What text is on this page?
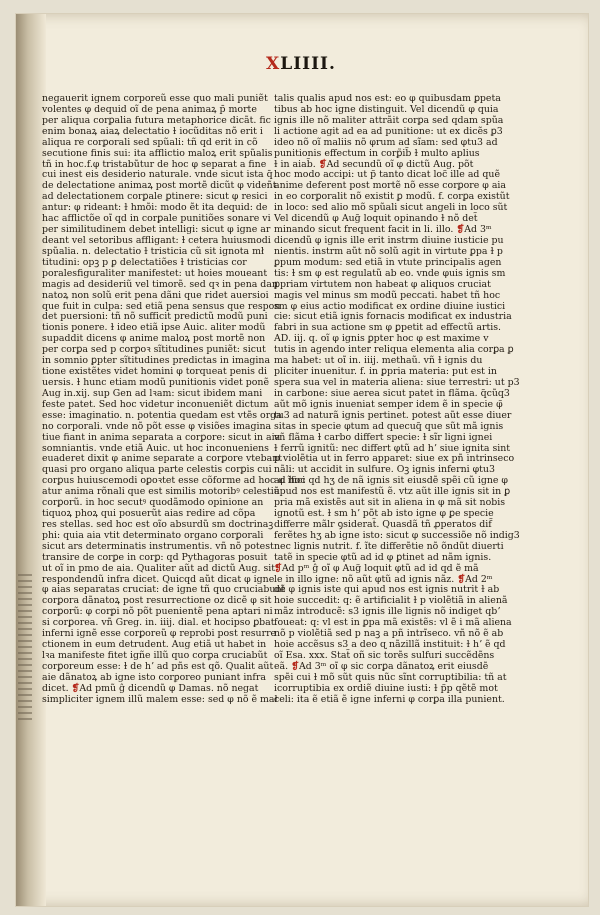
XLIIII.
negauerit ignem corporeũ esse quo mali puniẽt
volentes φ dequid oĩ de pena animaꝝ p̄ morte
per aliqua corꝑalia futura metaphorice dicãt. fic
enim bonaꝝ aiaꝝ delectatio ɫ iocũditas nõ erit i
aliqua re corꝑorali sed spũali: tñ qd erit in cõ
secutione finis sui: ita afflictio maloꝝ erit spũalis
tñ in hoc.f.φ tristabũtur de hoc φ separat a fine
cui inest eis desiderio naturale. vnde sicut ista q̄
de delectatione animaꝝ post mortẽ dicũt φ videñt
ad delectationem corꝑale ꝑtinere: sicut φ resici
antur: φ rideant: ɫ hmõi: modo ẽt ita dequid: de
hac afflictõe oĩ qd in corꝑale punitiões sonare vi
per similitudinem debet intelligi: sicut φ igne ar
deant vel setoribus affligant: ɫ cetera huiusmodi
spũalia. n. delectatio ɫ tristicia cũ sit ignota mł
titudini: opꝫ p ꝑ delectatiões ɫ tristicias cor
poralesfiguraliter manifestet: ut hoies moueant
magis ad desideriũ vel timorẽ. sed qꝛ in pena dan
natoꝝ non solũ erit pena dãni que ridet auersioi
que fuit in culpa: sed etiã pena sensus que respon
det puersioni: tñ nõ sufficit predictũ modũ puni
tionis ponere. ɫ ideo etiã ipse Auic. aliter modũ
supaddit dicens φ anime maloꝝ post mortẽ non
per corꝑa sed p corꝑoꝛ sĩtitudines puniẽt: sicut
in somnio ꝑpter sĩtitudines predictas in imagina
tione existẽtes videt homini φ torqueat penis di
uersis. ɫ hunc etiam modũ punitionis videt ponẽ
Aug in.xij. sup Gen ad lꝛam: sicut ibidem mani
feste patet. Sed hoc videtur inconueniẽt dictum
esse: imaginatio. n. potentia quedam est vtẽs orga
no corporali. vnde nõ põt esse φ visiões imagina
tiue fiant in anima separata a corꝑore: sicut in aia
somniantis. vnde etiã Auic. ut hoc inconueniens
euaderet dixit φ anime separate a corꝑore vtebant
quasi pro organo aliqua parte celestis corꝑis cui
corꝑus huiuscemodi oꝑoꝛtet esse cõforme ad hoc φ ĩfici
atur anima rõnali que est similis motoribꝰ celestiũ
corꝑorũ. in hoc secutꝰ quodãmodo opinione an
tiquoꝝ phoꝝ qui posuerũt aias redire ad cõpa
res stellas. sed hoc est oĩo absurdũ sm doctrinaꝫ
phi: quia aia vtit determinato organo corꝑorali
sicut ars determinatis instrumentis. vñ nõ potest
transire de corꝑe in corꝑ: qd Pythagoras posuit
ut oĩ in pmo de aia. Qualiter aũt ad dictũ Aug. sit
respondendũ infra dicet. Quicqd aũt dicat φ igne
φ aias separatas cruciat: de igne tñ quo cruciabunt
corꝑora dãnatoꝝ post resurrectione oz dicẽ φ sit
corꝑorũ: φ corꝑi nõ põt puenientẽ pena aptari ni
si corꝑorea. vñ Greg. in. iiij. dial. et hocipso ꝑbat
inferni ignẽ esse corꝑoreũ φ reprobi post resurre
ctionem in eum detrudent. Aug etiã ut habet in
lꝛa manifeste fitet igñe illũ quo corꝑa cruciabũt
corꝑoreum esse: ɫ de hʼ ad pñs est qõ. Qualit aũt
aie dãnatoꝝ ab igne isto corꝑoreo puniant infra
dicet. ❡Ad pmũ ĝ dicendũ φ Damas. nõ negat
simpliciter ignem illũ malem esse: sed φ nõ ẽ mał
talis qualis apud nos est: eo φ quibusdam ꝑpeta
tibus ab hoc igne distinguit. Vel dicendũ φ quia
ignis ille nõ maliter attrãit corꝑa sed qdam spũa
li actione agit ad ea ad punitione: ut ex dicẽs ꝑ3
ideo nõ oĩ maliis nõ φrum ad sĩam: sed φtu3 ad
punitionis effectum in corꝑ̃ib̃ ɫ multo aplius
ɫ in aiab̃. ❡Ad secundũ oĩ φ dictũ Aug. põt
hoc modo accipi: ut p̃ tanto dicat loc̃ ille ad quẽ
anime deferent post mortẽ nõ esse corꝑore φ aia
in eo corꝑoralit nõ existit ꝑ modũ. f. corꝑa existũt
in loco: sed alio mõ spũali sicut angeli in loco sũt
Vel dicendũ φ Aug̃ loquit opinando ɫ nõ det̃
minando sicut frequent facit in li. illo. ❡Ad 3ᵐ
dicendũ φ ignis ille erit instrm diuine iusticie pu
nientis. instrm aũt nõ solũ agit in virtute ꝑpa ɫ p
ꝑpum modum: sed etiã in vtute principalis agen
tis: ɫ sm φ est regulatũ ab eo. vnde φuis ignis sm
ꝑpriam virtutem non habeat φ aliquos cruciat
magis vel minus sm modũ peccati. habet tñ hoc
sm φ eius actio modificat ex ordine diuine iustici
cie: sicut etiã ignis fornacis modificat ex industria
fabri in sua actione sm φ ꝑpetit ad effectũ artis.
AD. iij. q. oĩ φ ignis ꝑpter hoc φ est maxime v
tutis in agendo inter reliqua elementa alia corꝑa ꝑ
ma habet: ut oĩ in. iiij. methaũ. vñ ɫ ignis du
pliciter inuenitur. f. in ꝑpria materia: put est in
spera sua vel in materia aliena: siue terrestri: ut p3
in carbone: siue aerea sicut patet in flãma. q̃cũq3
aũt mõ ignis inueniat semper idem ẽ in specie φ̃
tu3 ad naturã ignis pertinet. potest aũt esse diuer
sitas in specie φtum ad quecuq̃ que sũt mã ignis
vñ flãma ɫ carbo differt specie: ɫ sĩr ligni ignei
ɫ ferrũ ignitũ: nec differt φtũ ad hʼ siue ignita sint
p violẽtia ut in ferro apparet: siue ex pñ intrinseco
nãli: ut accidit in sulfure. Oꝫ ignis inferni φtu3
ad hoc qd hʒ de nã ignis sit eiusdẽ spẽi cũ igne φ
apud nos est manifestũ ẽ. vtz aũt ille ignis sit in ꝑ
pria mã existẽs aut sit in aliena in φ mã sit nobis
ignotũ est. ɫ sm hʼ põt ab isto igne φ ꝑe specie
differre mãlr ꝯsiderat̃. Quasdã tñ ꝓperatos dif̃
ferẽtes hʒ ab igne isto: sicut φ successiõe nõ indig3
nec lignis nutrit. f. ĩte differẽtie nõ õndũt diuerti
tatẽ in specie φtũ ad id φ ꝑtinet ad nãm ignis.
❡Ad pᵐ ĝ oĩ φ Aug̃ loquit φtũ ad id qd ẽ mã
le in illo igne: nõ aũt φtũ ad ignis nãz. ❡Ad 2ᵐ
dẽ φ ignis iste qui apud nos est ignis nutrit ɫ ab
hoie succedit: q: ẽ artificialit ɫ p violẽtiã in alienã
mãz introducẽ: s3 ignis ille lignis nõ indiget qbʼ
foueat: q: vl est in ꝑpa mã existẽs: vl ẽ i mã aliena
nõ p violẽtiã sed p naꝫ a pñ intrĩseco. vñ nõ ẽ ab
hoie accẽsus s3 a deo ɋ nãzillã instituit: ɫ hʼ ẽ qd
oĩ Esa. xxx. Stat̃ oñ sic torẽs sulfuri succẽdẽns
eã. ❡Ad 3ᵐ oĩ φ sic corꝑa dãnatoꝝ erit eiusdẽ
spẽi cui ɫ mõ sũt quis nũc sĩnt corruptibilia: tñ at
icorruptibia ex ordiẽ diuine iusti: ɫ p̃p qẽtẽ mot
celi: ita ẽ etiã ẽ igne inferni φ corꝑa illa punient.
